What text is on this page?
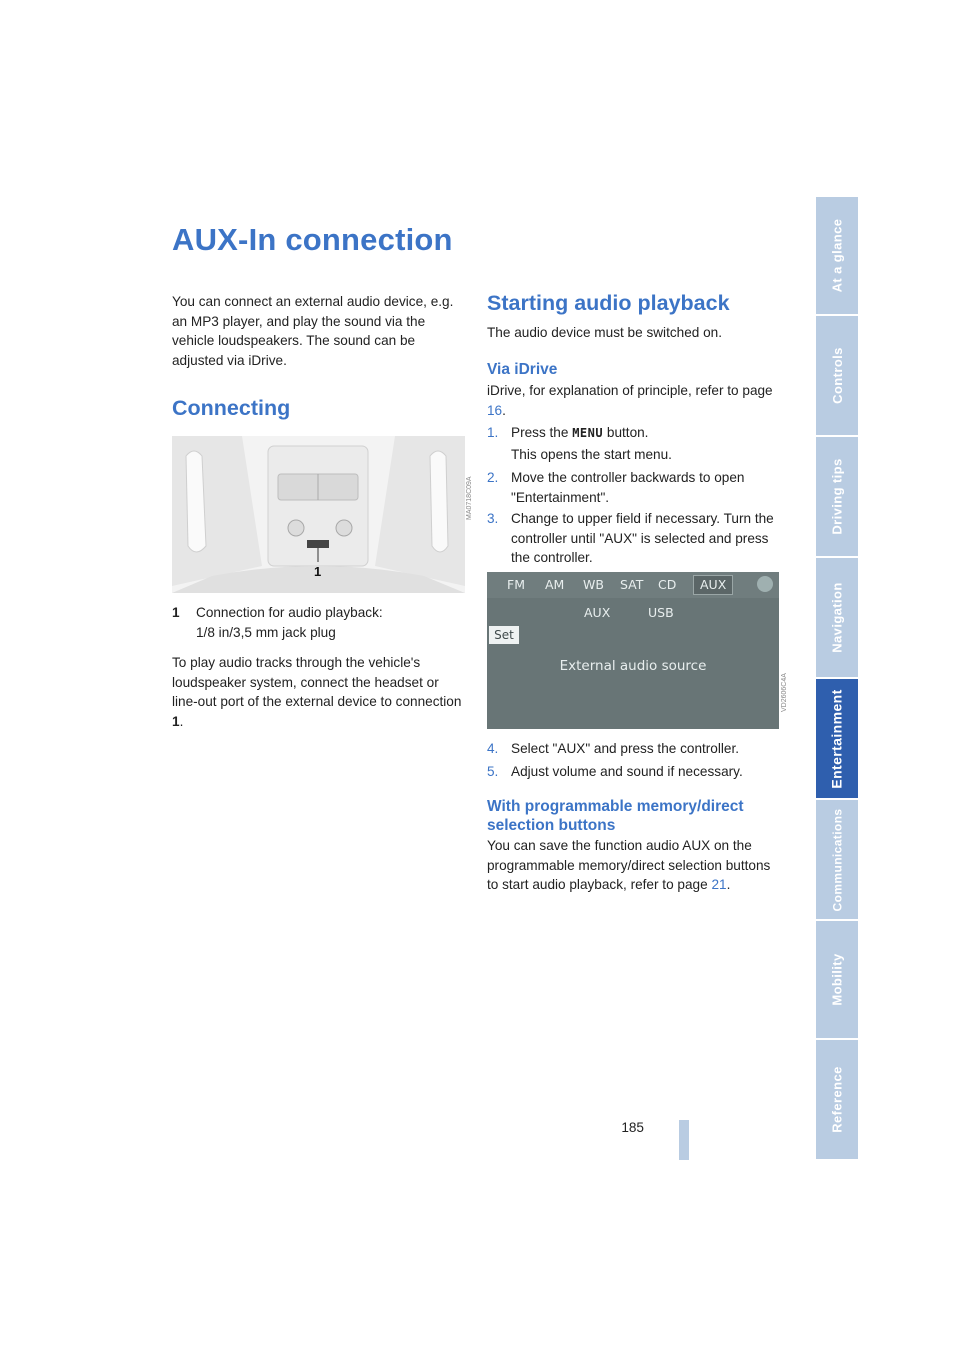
AUX-In connection

You can connect an external audio device, e.g. an MP3 player, and play the sound via the vehicle loudspeakers. The sound can be adjusted via iDrive.

Connecting
1
MA0718C09A
1 Connection for audio playback:
1/8 in/3,5 mm jack plug

To play audio tracks through the vehicle's loudspeaker system, connect the headset or line-out port of the external device to connection 1.

Starting audio playback

The audio device must be switched on.

Via iDrive

iDrive, for explanation of principle, refer to page
16.

1. Press the MENU button.
This opens the start menu.
2. Move the controller backwards to open "Entertainment".
3. Change to upper field if necessary. Turn the controller until "AUX" is selected and press the controller.
FM AM WB SAT CD	AUX
AUX	USB
Set
External audio source
VD2606C4A
4. Select "AUX" and press the controller.
5. Adjust volume and sound if necessary.
With programmable memory/direct
selection buttons

You can save the function audio AUX on the programmable memory/direct selection buttons to start audio playback, refer to page 21.

At a glance
Controls
Driving tips
Navigation
Entertainment
Communications
Mobility
Reference
185
